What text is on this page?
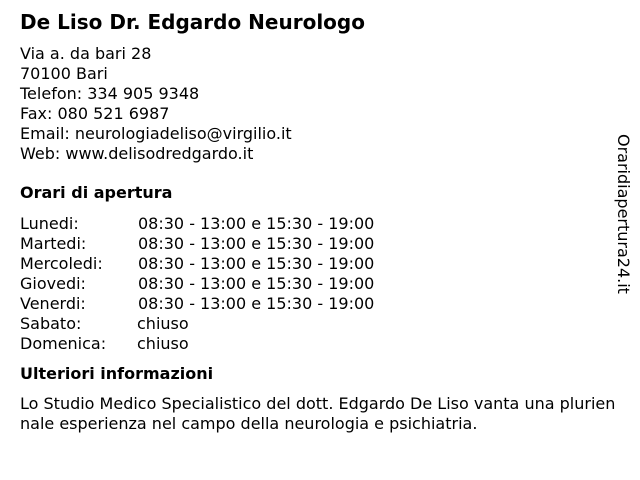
De Liso Dr. Edgardo Neurologo
Via a. da bari 28
70100 Bari
Telefon: 334 905 9348
Fax: 080 521 6987
Email: neurologiadeliso@virgilio.it
Web: www.delisodredgardo.it
Orari di apertura
Lunedi:	08:30 - 13:00 e 15:30 - 19:00
Martedi:	08:30 - 13:00 e 15:30 - 19:00
Mercoledi:	08:30 - 13:00 e 15:30 - 19:00
Giovedi:	08:30 - 13:00 e 15:30 - 19:00
Venerdi:	08:30 - 13:00 e 15:30 - 19:00
Sabato:	chiuso
Domenica:	chiuso
Ulteriori informazioni
Lo Studio Medico Specialistico del dott. Edgardo De Liso vanta una pluriennale esperienza nel campo della neurologia e psichiatria.
Oraridiapertura24.it
